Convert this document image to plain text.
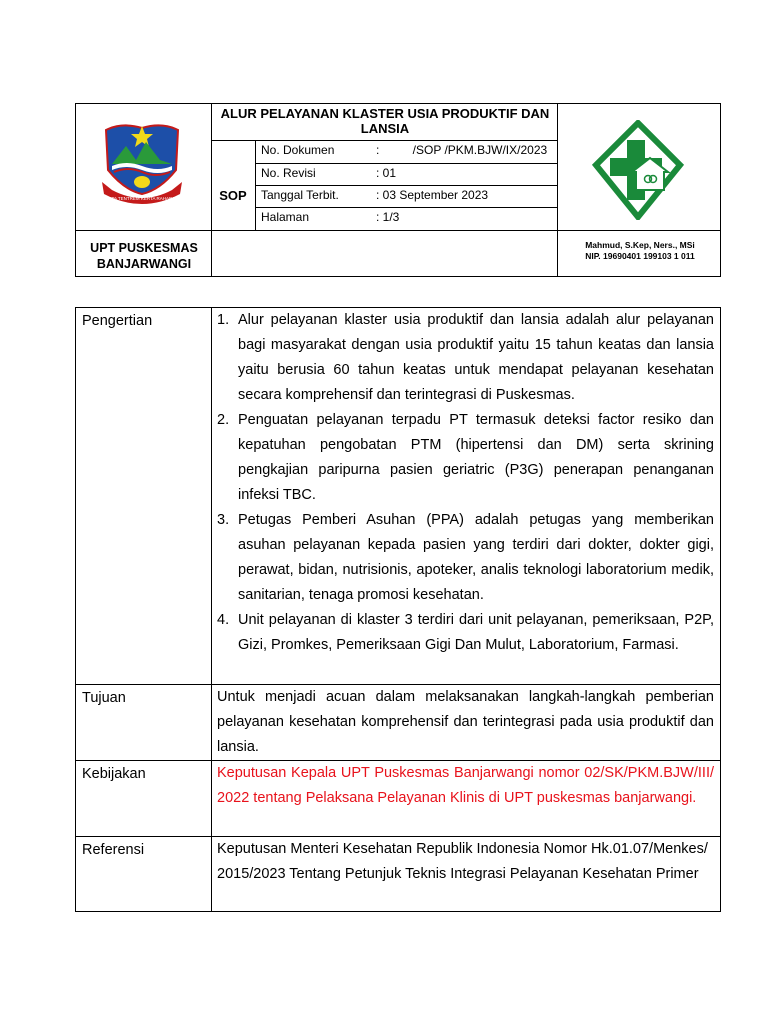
TATA TENTREM KERTA RAHARJA
ALUR PELAYANAN KLASTER USIA PRODUKTIF DAN LANSIA
SOP
No. Dokumen	:          /SOP /PKM.BJW/IX/2023
No. Revisi	: 01
Tanggal Terbit.	: 03 September 2023
Halaman	: 1/3
UPT PUSKESMAS
BANJARWANGI
Mahmud, S.Kep, Ners., MSi
NIP. 19690401 199103 1 011
Pengertian	1. Alur pelayanan klaster usia produktif dan lansia adalah alur pelayanan bagi masyarakat dengan usia produktif yaitu 15 tahun keatas dan lansia yaitu berusia 60 tahun keatas untuk mendapat pelayanan kesehatan secara komprehensif dan terintegrasi di Puskesmas.
2. Penguatan pelayanan terpadu PT termasuk deteksi factor resiko dan kepatuhan pengobatan PTM (hipertensi dan DM) serta skrining pengkajian paripurna pasien geriatric (P3G) penerapan penanganan infeksi TBC.
3. Petugas Pemberi Asuhan (PPA) adalah petugas yang memberikan asuhan pelayanan kepada pasien yang terdiri dari dokter, dokter gigi, perawat, bidan, nutrisionis, apoteker, analis teknologi laboratorium medik, sanitarian, tenaga promosi kesehatan.
4. Unit pelayanan di klaster 3 terdiri dari unit pelayanan, pemeriksaan, P2P, Gizi, Promkes, Pemeriksaan Gigi Dan Mulut, Laboratorium, Farmasi.
Tujuan	Untuk menjadi acuan dalam melaksanakan langkah-langkah pemberian pelayanan kesehatan komprehensif dan terintegrasi pada usia produktif dan lansia.
Kebijakan	Keputusan Kepala UPT Puskesmas Banjarwangi nomor 02/SK/PKM.BJW/III/ 2022 tentang Pelaksana Pelayanan Klinis di UPT puskesmas banjarwangi.
Referensi	Keputusan Menteri Kesehatan Republik Indonesia Nomor Hk.01.07/Menkes/2015/2023 Tentang Petunjuk Teknis Integrasi Pelayanan Kesehatan Primer
